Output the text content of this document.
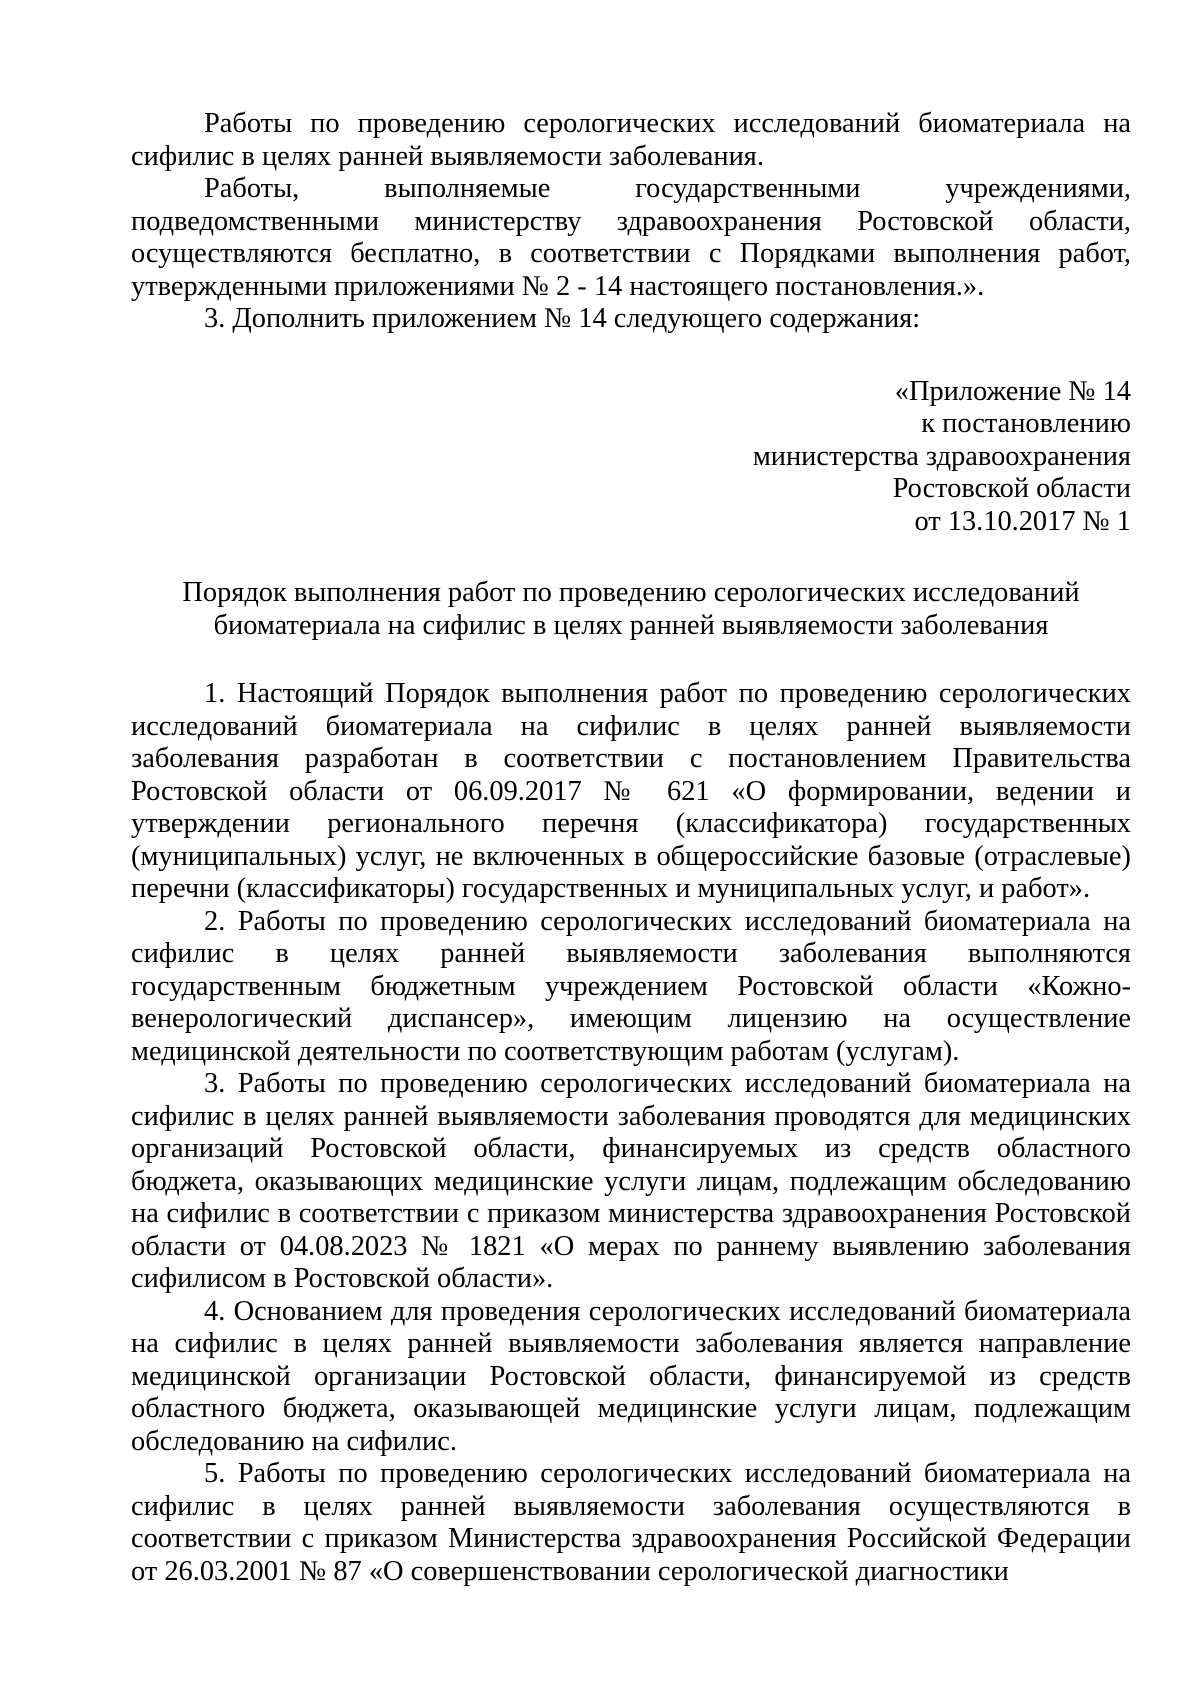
Работы по проведению серологических исследований биоматериала на сифилис в целях ранней выявляемости заболевания.

Работы, выполняемые государственными учреждениями, подведомственными министерству здравоохранения Ростовской области, осуществляются бесплатно, в соответствии с Порядками выполнения работ, утвержденными приложениями № 2 - 14 настоящего постановления.».

3. Дополнить приложением № 14 следующего содержания:

«Приложение № 14
к постановлению
министерства здравоохранения
Ростовской области
от 13.10.2017 № 1
Порядок выполнения работ по проведению серологических исследований
биоматериала на сифилис в целях ранней выявляемости заболевания

1. Настоящий Порядок выполнения работ по проведению серологических исследований биоматериала на сифилис в целях ранней выявляемости заболевания разработан в соответствии с постановлением Правительства Ростовской области от 06.09.2017 № 621 «О формировании, ведении и утверждении регионального перечня (классификатора) государственных (муниципальных) услуг, не включенных в общероссийские базовые (отраслевые) перечни (классификаторы) государственных и муниципальных услуг, и работ».

2. Работы по проведению серологических исследований биоматериала на сифилис в целях ранней выявляемости заболевания выполняются государственным бюджетным учреждением Ростовской области «Кожно-венерологический диспансер», имеющим лицензию на осуществление медицинской деятельности по соответствующим работам (услугам).

3. Работы по проведению серологических исследований биоматериала на сифилис в целях ранней выявляемости заболевания проводятся для медицинских организаций Ростовской области, финансируемых из средств областного бюджета, оказывающих медицинские услуги лицам, подлежащим обследованию на сифилис в соответствии с приказом министерства здравоохранения Ростовской области от 04.08.2023 № 1821 «О мерах по раннему выявлению заболевания сифилисом в Ростовской области».

4. Основанием для проведения серологических исследований биоматериала на сифилис в целях ранней выявляемости заболевания является направление медицинской организации Ростовской области, финансируемой из средств областного бюджета, оказывающей медицинские услуги лицам, подлежащим обследованию на сифилис.

5. Работы по проведению серологических исследований биоматериала на сифилис в целях ранней выявляемости заболевания осуществляются в соответствии с приказом Министерства здравоохранения Российской Федерации от 26.03.2001 № 87 «О совершенствовании серологической диагностики
